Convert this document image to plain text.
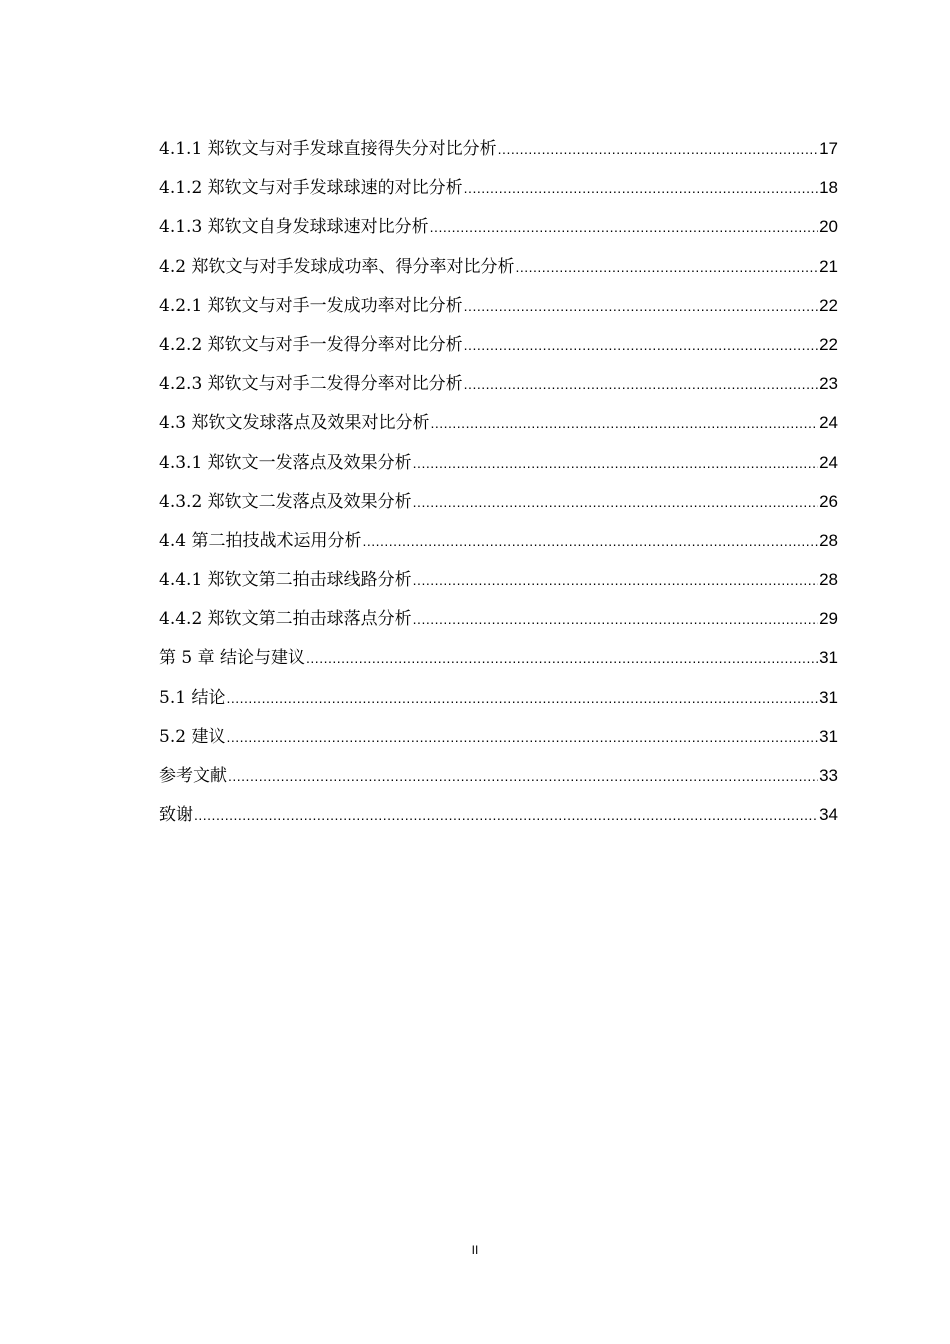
4.1.1 郑钦文与对手发球直接得失分对比分析 .....	17
4.1.2 郑钦文与对手发球球速的对比分析 .....	18
4.1.3 郑钦文自身发球球速对比分析 .....	20
4.2 郑钦文与对手发球成功率、得分率对比分析 .....	21
4.2.1 郑钦文与对手一发成功率对比分析 .....	22
4.2.2 郑钦文与对手一发得分率对比分析 .....	22
4.2.3 郑钦文与对手二发得分率对比分析 .....	23
4.3 郑钦文发球落点及效果对比分析 .....	24
4.3.1 郑钦文一发落点及效果分析 .....	24
4.3.2 郑钦文二发落点及效果分析 .....	26
4.4 第二拍技战术运用分析 .....	28
4.4.1 郑钦文第二拍击球线路分析 .....	28
4.4.2 郑钦文第二拍击球落点分析 .....	29
第 5 章 结论与建议 .....	31
5.1 结论 .....	31
5.2 建议 .....	31
参考文献 .....	33
致谢 .....	34
II
